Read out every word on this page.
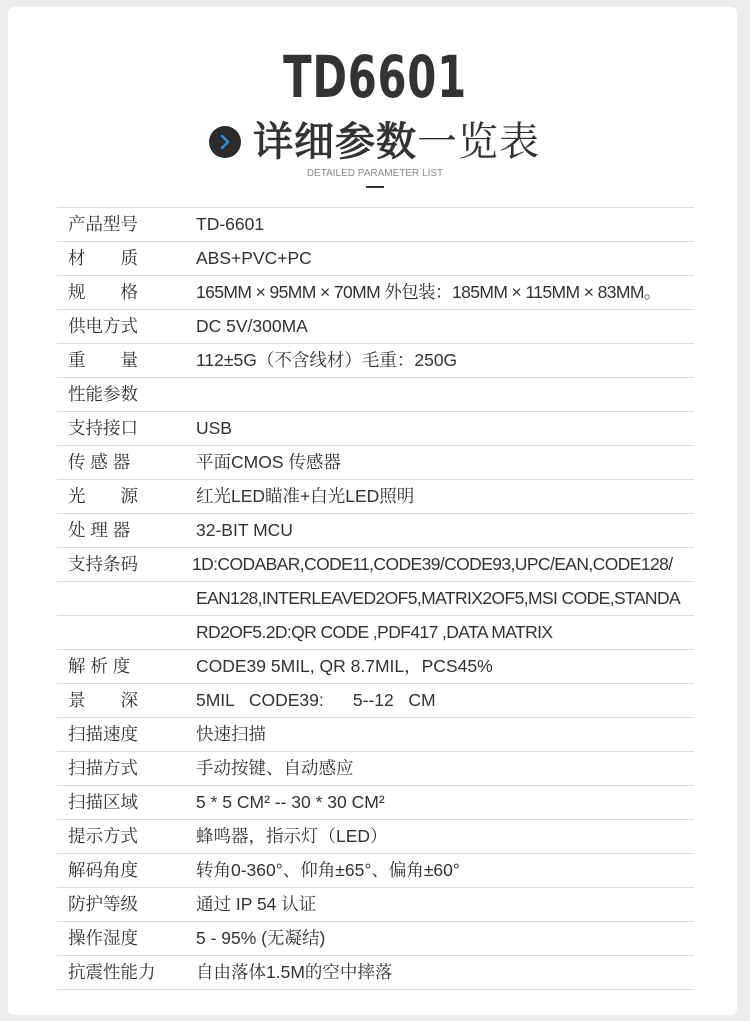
TD6601
详细参数一览表
DETAILED PARAMETER LIST
产品型号	TD-6601
材　　质	ABS+PVC+PC
规　　格	165MM × 95MM × 70MM 外包装：185MM × 115MM × 83MM。
供电方式	DC 5V/300MA
重　　量	112±5G（不含线材）毛重：250G
性能参数
支持接口	USB
传 感 器	平面CMOS 传感器
光　　源	红光LED瞄准+白光LED照明
处 理 器	32-BIT MCU
支持条码	1D:CODABAR,CODE11,CODE39/CODE93,UPC/EAN,CODE128/
EAN128,INTERLEAVED2OF5,MATRIX2OF5,MSI CODE,STANDA
RD2OF5.2D:QR CODE ,PDF417 ,DATA MATRIX
解 析 度	CODE39 5MIL, QR 8.7MIL，PCS45%
景　　深	5MIL   CODE39:      5--12   CM
扫描速度	快速扫描
扫描方式	手动按键、自动感应
扫描区域	5 * 5 CM² -- 30 * 30 CM²
提示方式	蜂鸣器，指示灯（LED）
解码角度	转角0-360°、仰角±65°、偏角±60°
防护等级	通过 IP 54 认证
操作湿度	5 - 95% (无凝结)
抗震性能力 自由落体1.5M的空中摔落
